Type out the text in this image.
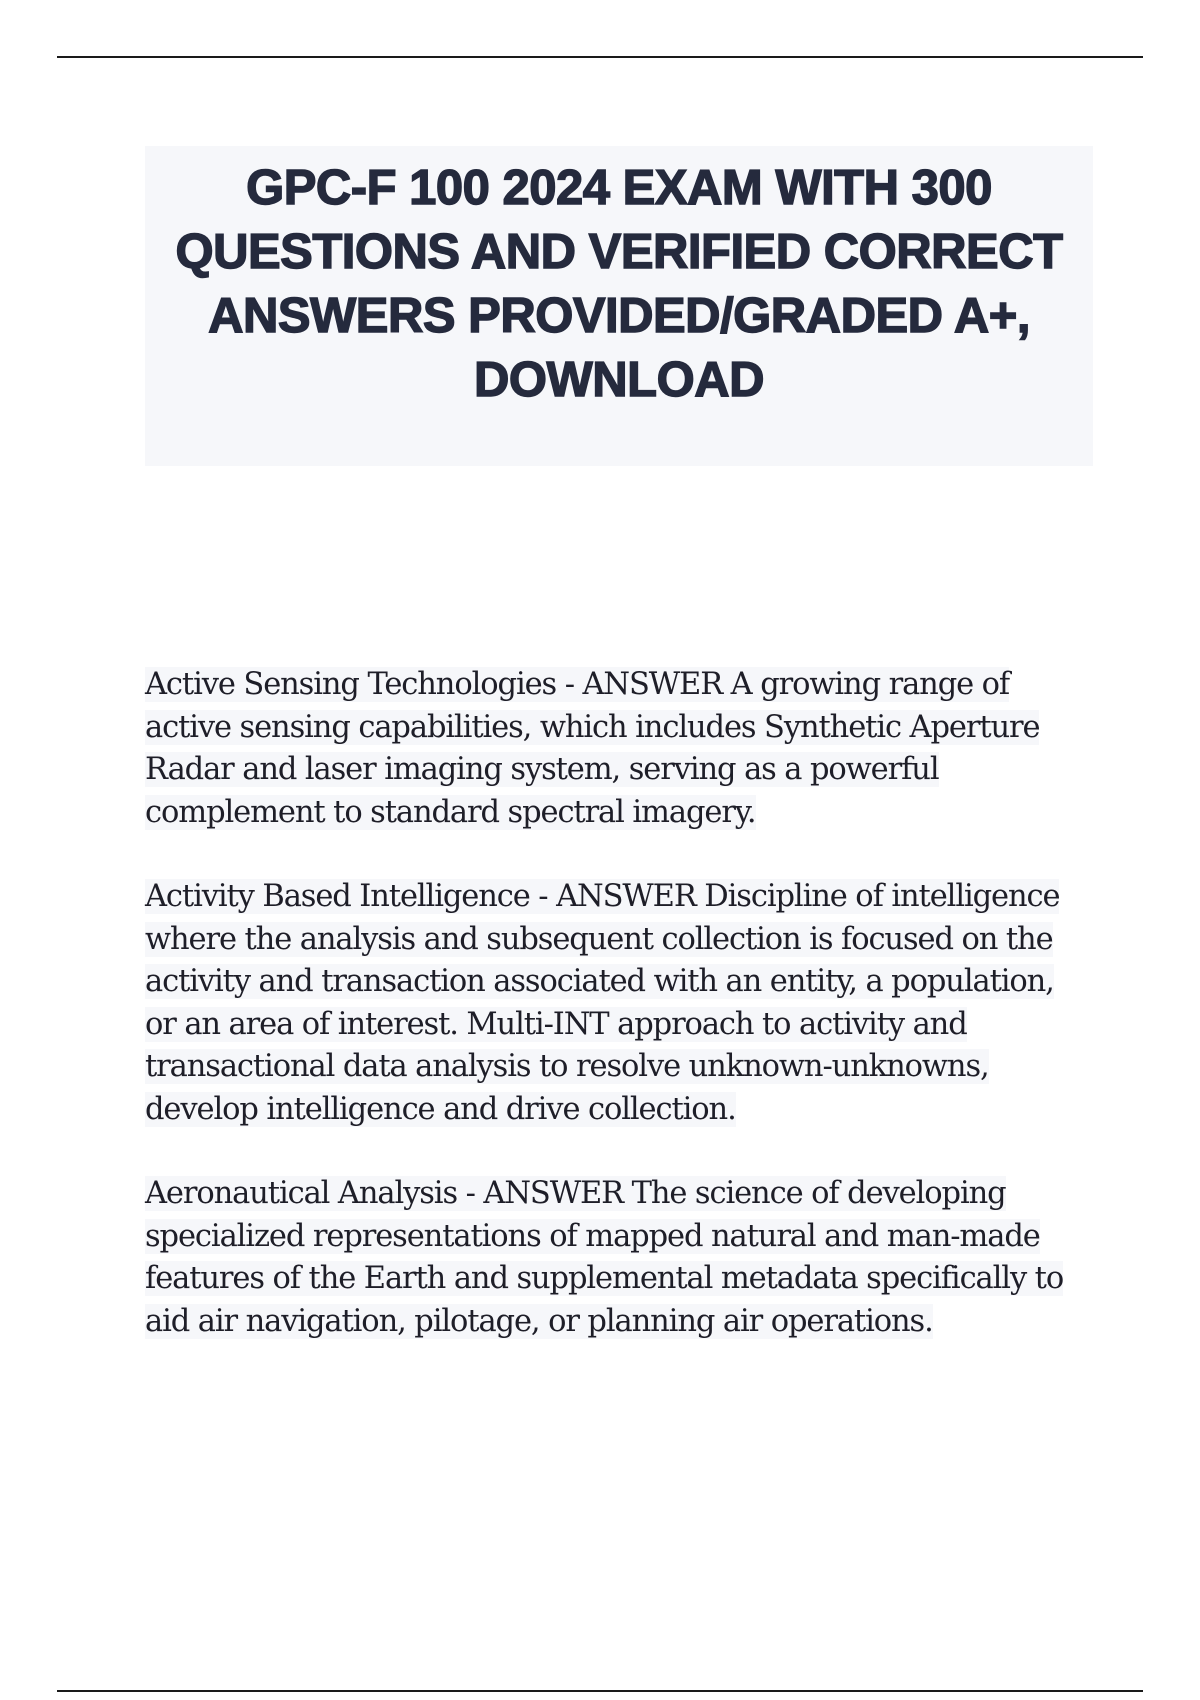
GPC-F 100 2024 EXAM WITH 300 QUESTIONS AND VERIFIED CORRECT ANSWERS PROVIDED/GRADED A+, DOWNLOAD

Active Sensing Technologies - ANSWER A growing range of active sensing capabilities, which includes Synthetic Aperture Radar and laser imaging system, serving as a powerful complement to standard spectral imagery.

Activity Based Intelligence - ANSWER Discipline of intelligence where the analysis and subsequent collection is focused on the activity and transaction associated with an entity, a population, or an area of interest. Multi-INT approach to activity and transactional data analysis to resolve unknown-unknowns, develop intelligence and drive collection.

Aeronautical Analysis - ANSWER The science of developing specialized representations of mapped natural and man-made features of the Earth and supplemental metadata specifically to aid air navigation, pilotage, or planning air operations.
